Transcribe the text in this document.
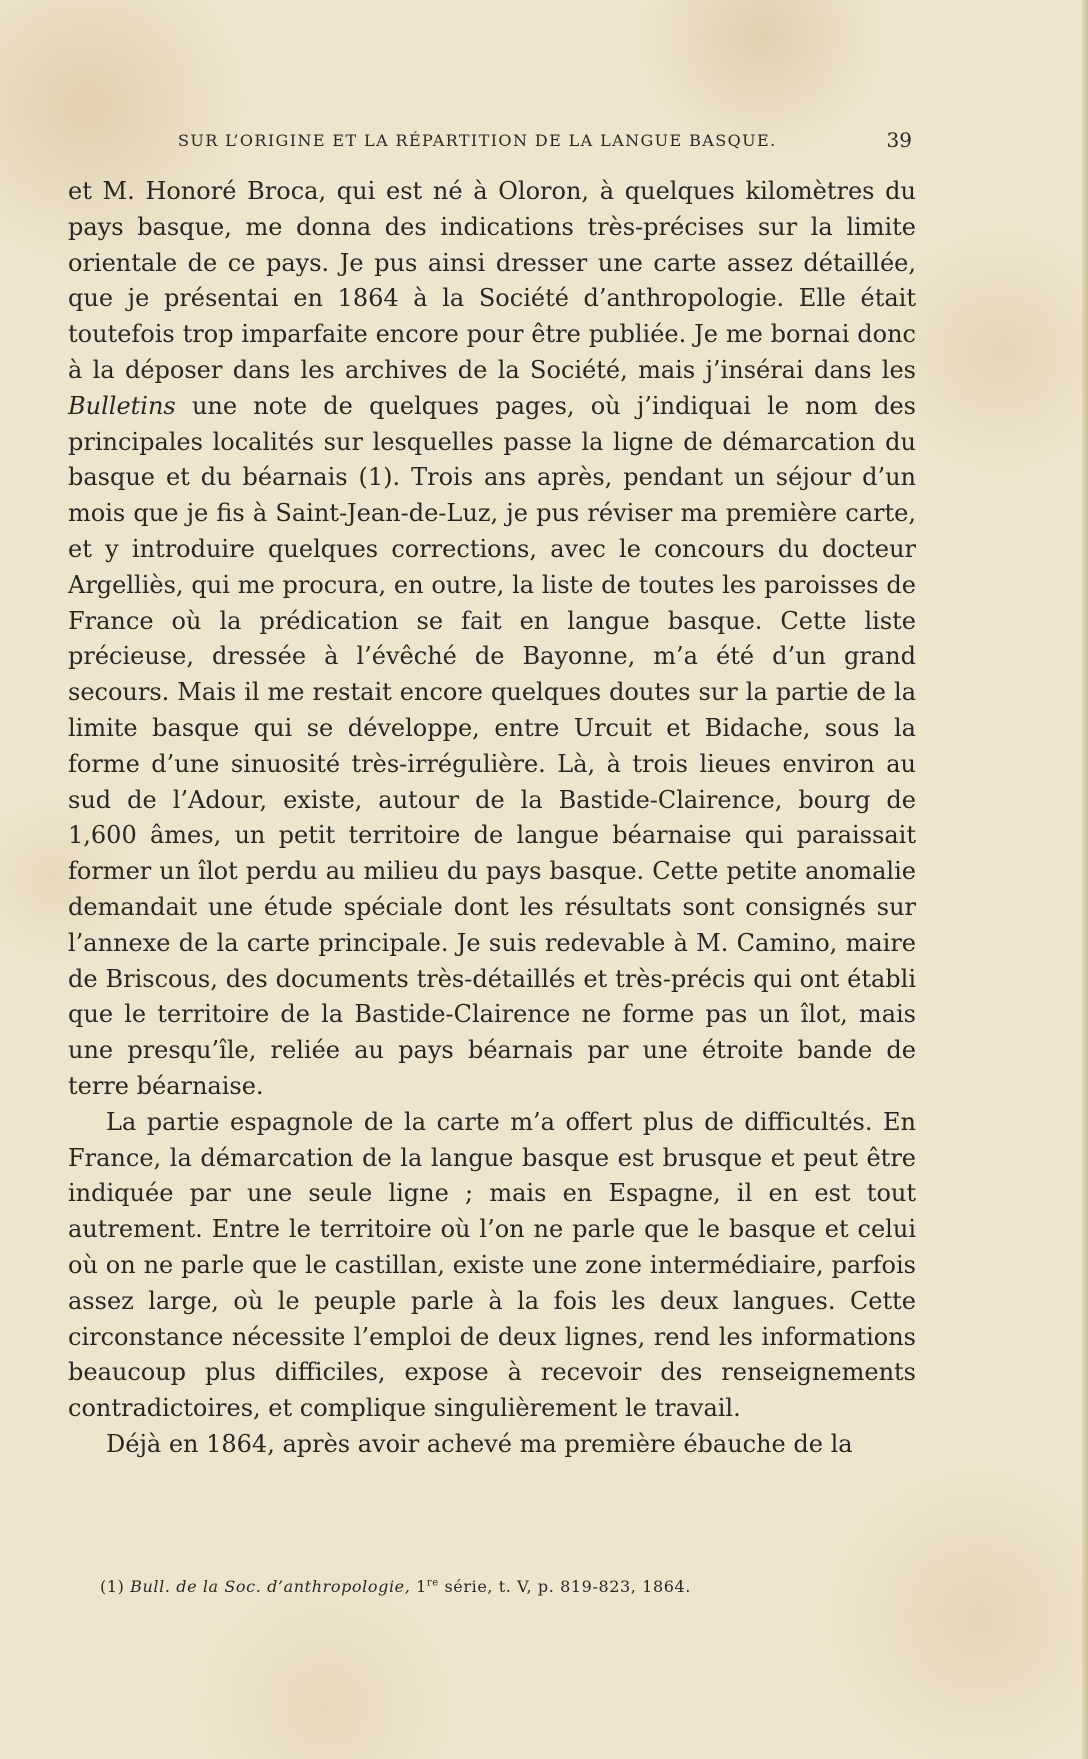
SUR L’ORIGINE ET LA RÉPARTITION DE LA LANGUE BASQUE.	39

et M. Honoré Broca, qui est né à Oloron, à quelques kilomètres du pays basque, me donna des indications très-précises sur la limite orientale de ce pays. Je pus ainsi dresser une carte assez détaillée, que je présentai en 1864 à la Société d’anthropologie. Elle était toutefois trop imparfaite encore pour être publiée. Je me bornai donc à la déposer dans les archives de la Société, mais j’insérai dans les Bulletins une note de quelques pages, où j’indiquai le nom des principales localités sur lesquelles passe la ligne de démarcation du basque et du béarnais (1). Trois ans après, pendant un séjour d’un mois que je fis à Saint-Jean-de-Luz, je pus réviser ma première carte, et y introduire quelques corrections, avec le concours du docteur Argelliès, qui me procura, en outre, la liste de toutes les paroisses de France où la prédication se fait en langue basque. Cette liste précieuse, dressée à l’évêché de Bayonne, m’a été d’un grand secours. Mais il me restait encore quelques doutes sur la partie de la limite basque qui se développe, entre Urcuit et Bidache, sous la forme d’une sinuosité très-irrégulière. Là, à trois lieues environ au sud de l’Adour, existe, autour de la Bastide-Clairence, bourg de 1,600 âmes, un petit territoire de langue béarnaise qui paraissait former un îlot perdu au milieu du pays basque. Cette petite anomalie demandait une étude spéciale dont les résultats sont consignés sur l’annexe de la carte principale. Je suis redevable à M. Camino, maire de Briscous, des documents très-détaillés et très-précis qui ont établi que le territoire de la Bastide-Clairence ne forme pas un îlot, mais une presqu’île, reliée au pays béarnais par une étroite bande de terre béarnaise.

La partie espagnole de la carte m’a offert plus de difficultés. En France, la démarcation de la langue basque est brusque et peut être indiquée par une seule ligne ; mais en Espagne, il en est tout autrement. Entre le territoire où l’on ne parle que le basque et celui où on ne parle que le castillan, existe une zone intermédiaire, parfois assez large, où le peuple parle à la fois les deux langues. Cette circonstance nécessite l’emploi de deux lignes, rend les informations beaucoup plus difficiles, expose à recevoir des renseignements contradictoires, et complique singulièrement le travail.

Déjà en 1864, après avoir achevé ma première ébauche de la

(1) Bull. de la Soc. d’anthropologie, 1re série, t. V, p. 819-823, 1864.
